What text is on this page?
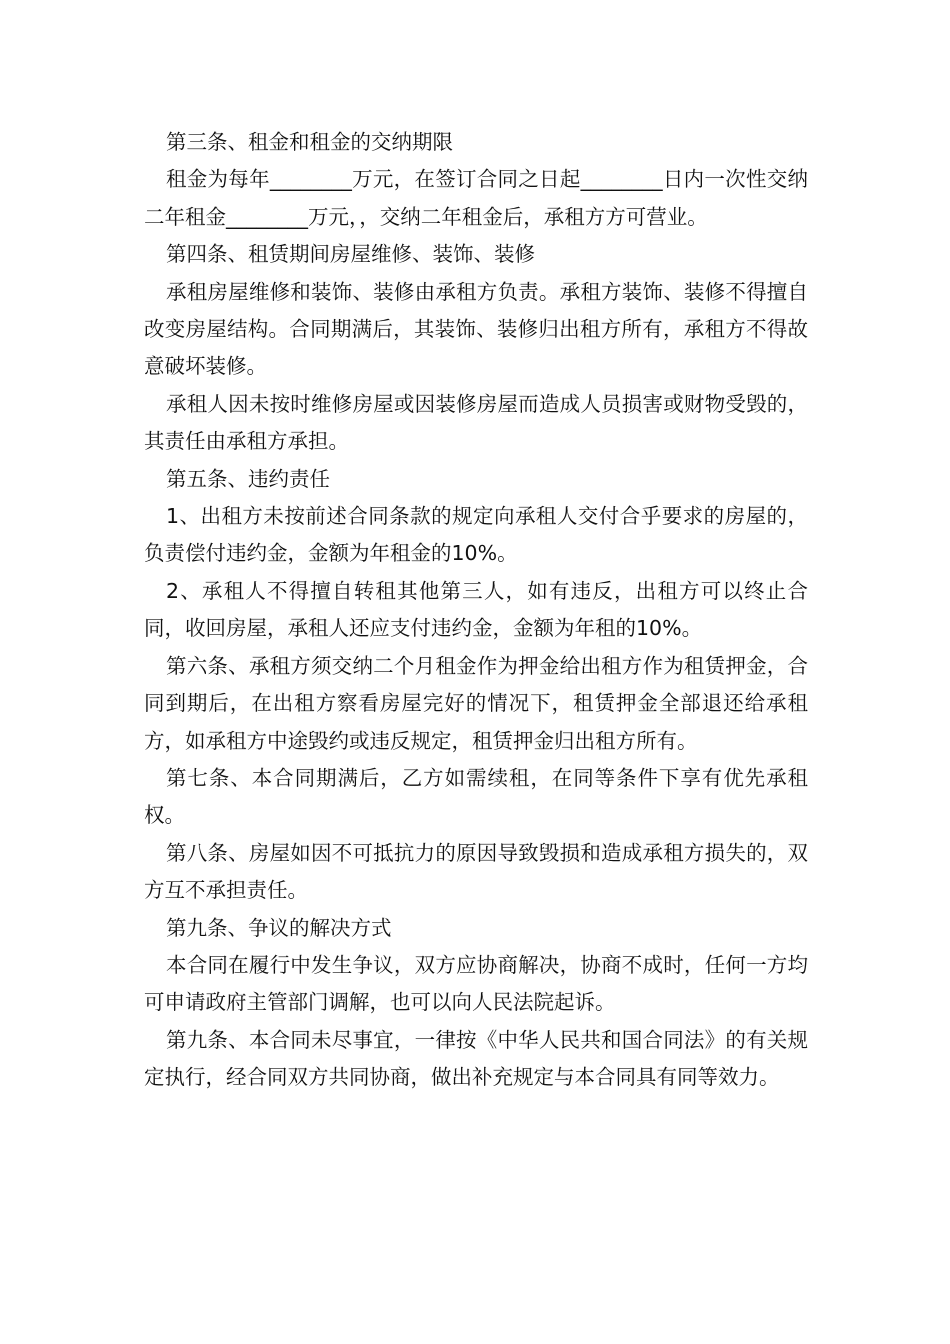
第三条、租金和租金的交纳期限

租金为每年________万元，在签订合同之日起________日内一次性交纳二年租金________万元，，交纳二年租金后，承租方方可营业。

第四条、租赁期间房屋维修、装饰、装修

承租房屋维修和装饰、装修由承租方负责。承租方装饰、装修不得擅自改变房屋结构。合同期满后，其装饰、装修归出租方所有，承租方不得故意破坏装修。

承租人因未按时维修房屋或因装修房屋而造成人员损害或财物受毁的，其责任由承租方承担。

第五条、违约责任

1、出租方未按前述合同条款的规定向承租人交付合乎要求的房屋的，负责偿付违约金，金额为年租金的10%。

2、承租人不得擅自转租其他第三人，如有违反，出租方可以终止合同，收回房屋，承租人还应支付违约金，金额为年租的10%。

第六条、承租方须交纳二个月租金作为押金给出租方作为租赁押金，合同到期后，在出租方察看房屋完好的情况下，租赁押金全部退还给承租方，如承租方中途毁约或违反规定，租赁押金归出租方所有。

第七条、本合同期满后，乙方如需续租，在同等条件下享有优先承租权。

第八条、房屋如因不可抵抗力的原因导致毁损和造成承租方损失的，双方互不承担责任。

第九条、争议的解决方式

本合同在履行中发生争议，双方应协商解决，协商不成时，任何一方均可申请政府主管部门调解，也可以向人民法院起诉。

第九条、本合同未尽事宜，一律按《中华人民共和国合同法》的有关规定执行，经合同双方共同协商，做出补充规定与本合同具有同等效力。
